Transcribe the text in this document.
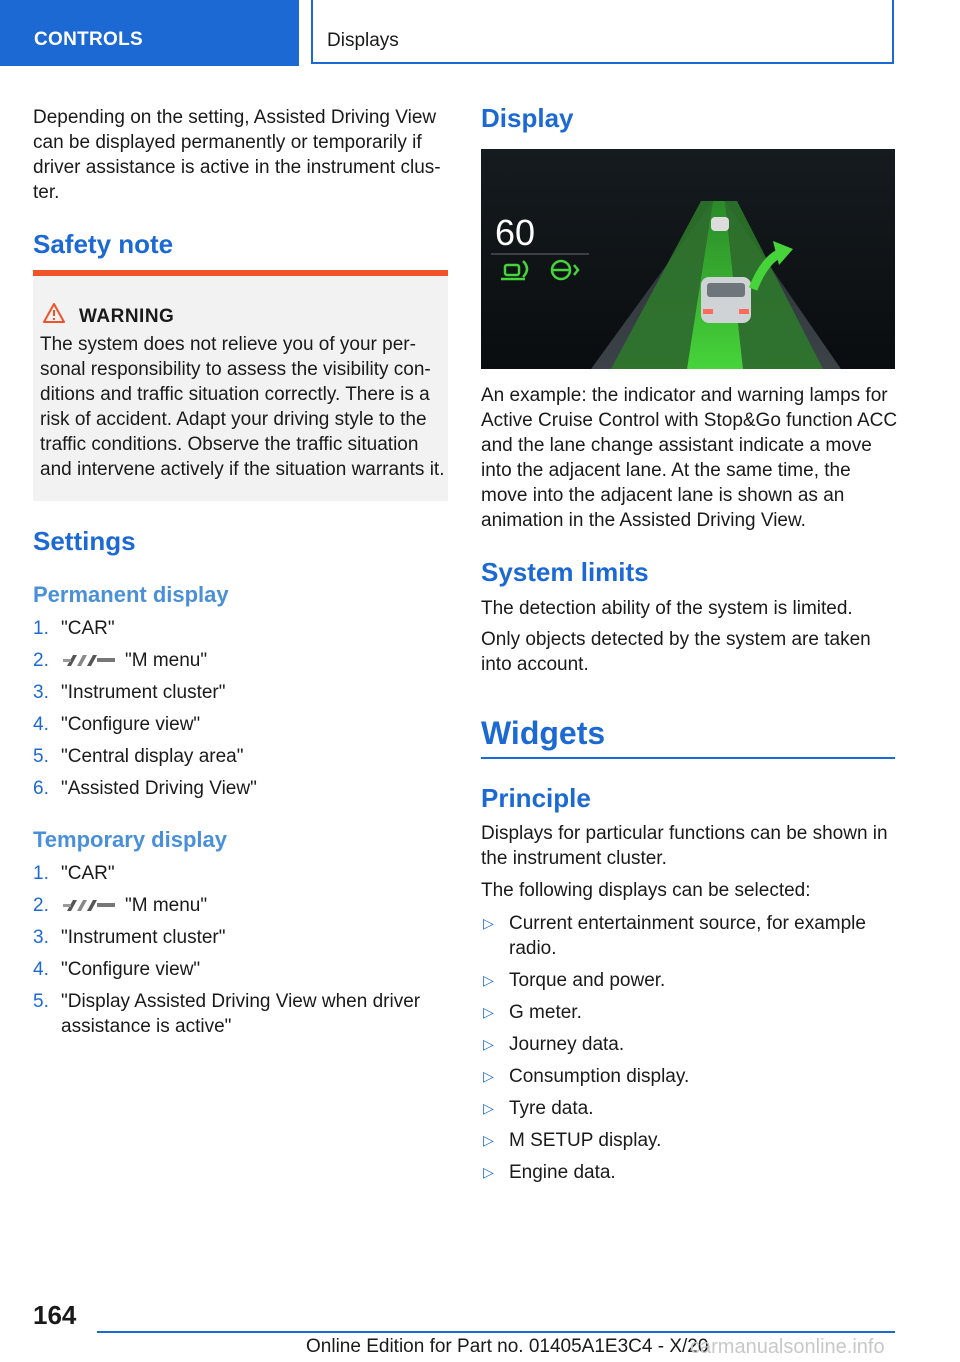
CONTROLS	Displays

Depending on the setting, Assisted Driving View can be displayed permanently or temporarily if driver assistance is active in the instrument clus- ter.

Safety note
WARNING
The system does not relieve you of your per- sonal responsibility to assess the visibility con- ditions and traffic situation correctly. There is a risk of accident. Adapt your driving style to the traffic conditions. Observe the traffic situation and intervene actively if the situation warrants it.
Settings
Permanent display
1. "CAR"
2.	"M menu"
3. "Instrument cluster"
4. "Configure view"
5. "Central display area"
6. "Assisted Driving View"
Temporary display
1. "CAR"
2.	"M menu"
3. "Instrument cluster"
4. "Configure view"
5. "Display Assisted Driving View when driver assistance is active"
Display
60

An example: the indicator and warning lamps for Active Cruise Control with Stop&Go function ACC and the lane change assistant indicate a move into the adjacent lane. At the same time, the move into the adjacent lane is shown as an animation in the Assisted Driving View.

System limits

The detection ability of the system is limited.

Only objects detected by the system are taken into account.

Widgets
Principle

Displays for particular functions can be shown in the instrument cluster.

The following displays can be selected:

▷ Current entertainment source, for example radio.
▷ Torque and power.
▷ G meter.
▷ Journey data.
▷ Consumption display.
▷ Tyre data.
▷ M SETUP display.
▷ Engine data.
164
Online Edition for Part no. 01405A1E3C4 - X/20
carmanualsonline.info
